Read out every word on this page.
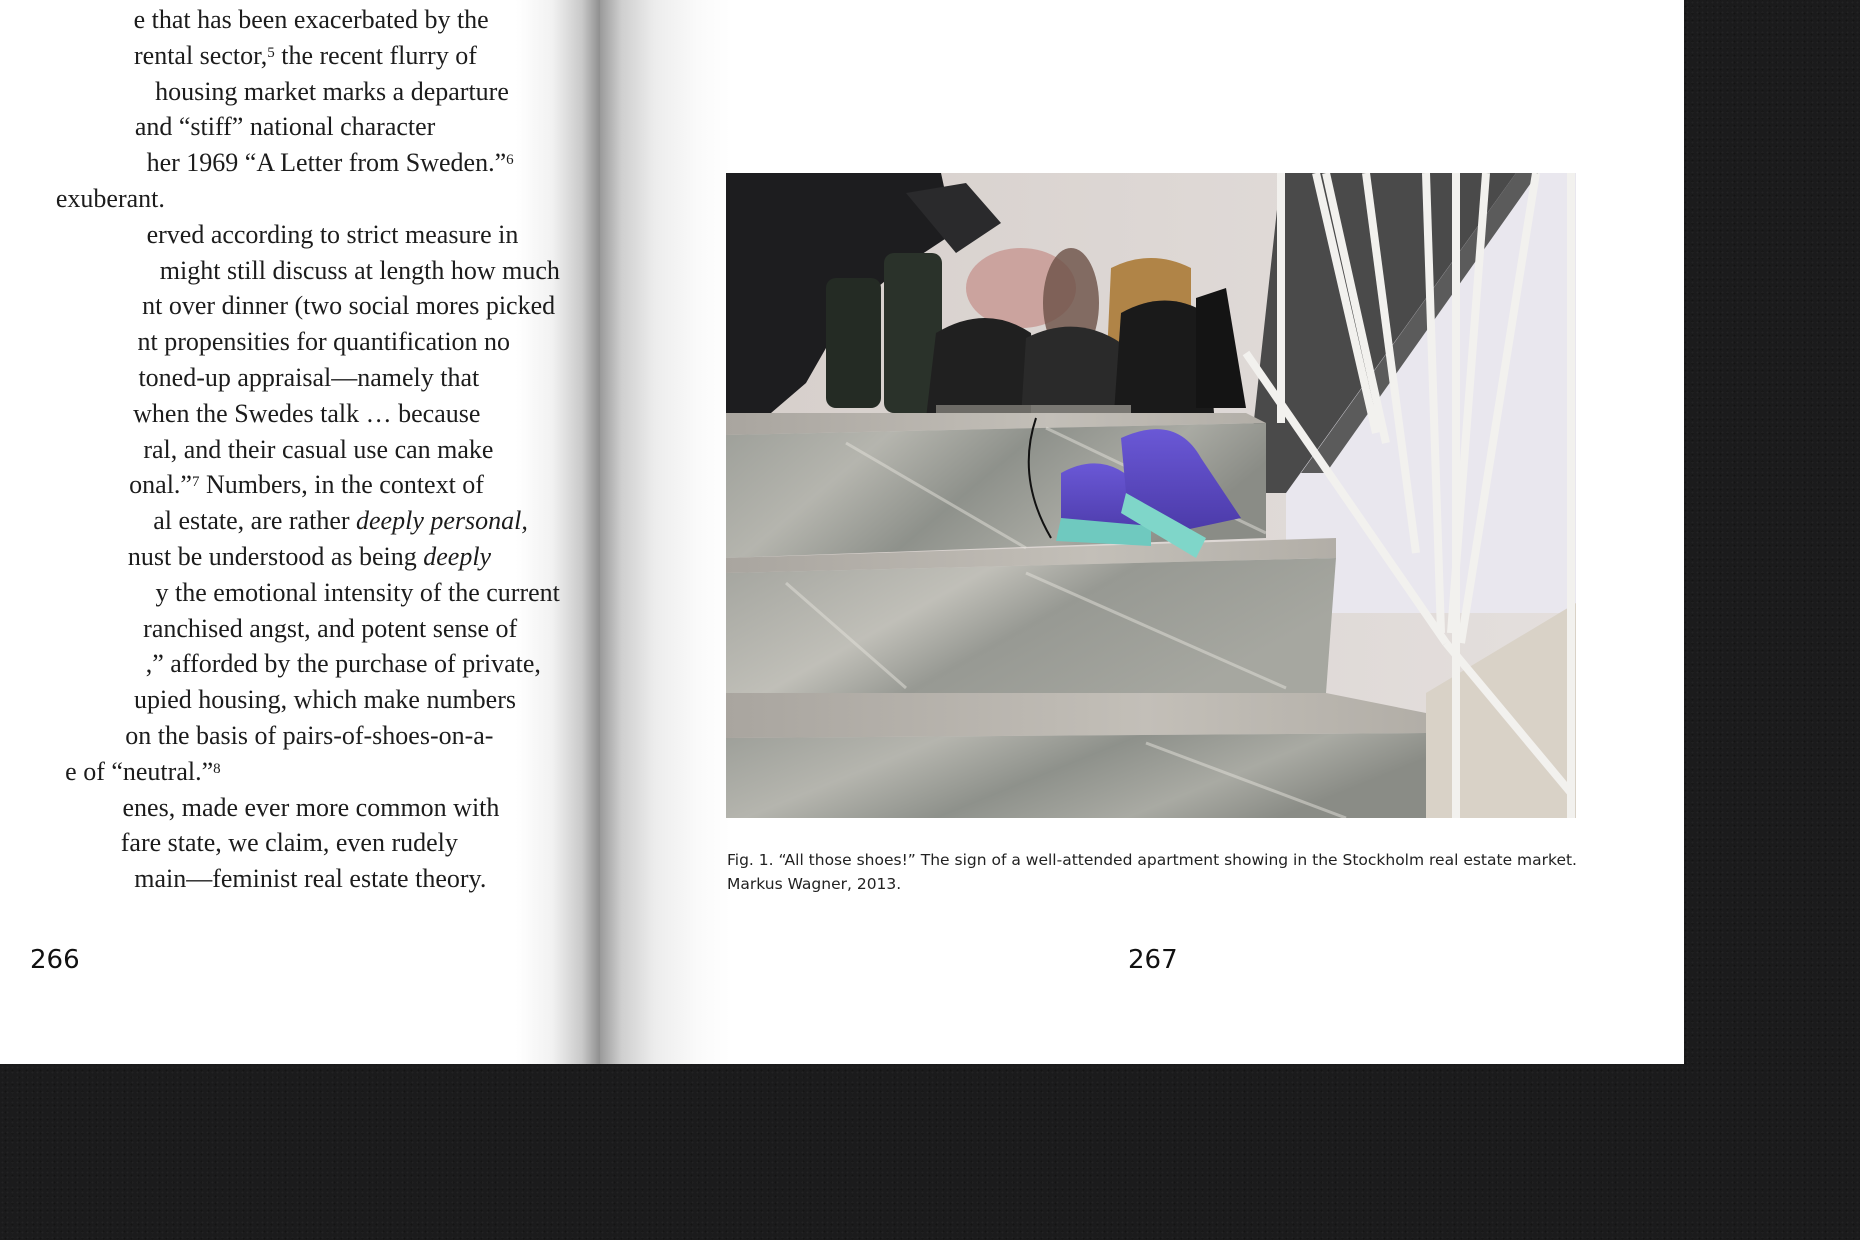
e that has been exacerbated by the
rental sector,$^5$ the recent flurry of
housing market marks a departure
and “stiff” national character
her 1969 “A Letter from Sweden.”$^6$
exuberant.
erved according to strict measure in
might still discuss at length how much
nt over dinner (two social mores picked
nt propensities for quantification no
toned-up appraisal—namely that
when the Swedes talk … because
ral, and their casual use can make
onal.”$^7$ Numbers, in the context of
al estate, are rather deeply personal,
nust be understood as being deeply
y the emotional intensity of the current
ranchised angst, and potent sense of
,” afforded by the purchase of private,
upied housing, which make numbers
on the basis of pairs-of-shoes-on-a-
e of “neutral.”$^8$
enes, made ever more common with
fare state, we claim, even rudely
main—feminist real estate theory.
266
Fig. 1. “All those shoes!” The sign of a well-attended apartment showing in the Stockholm real estate market.
Markus Wagner, 2013.
267
